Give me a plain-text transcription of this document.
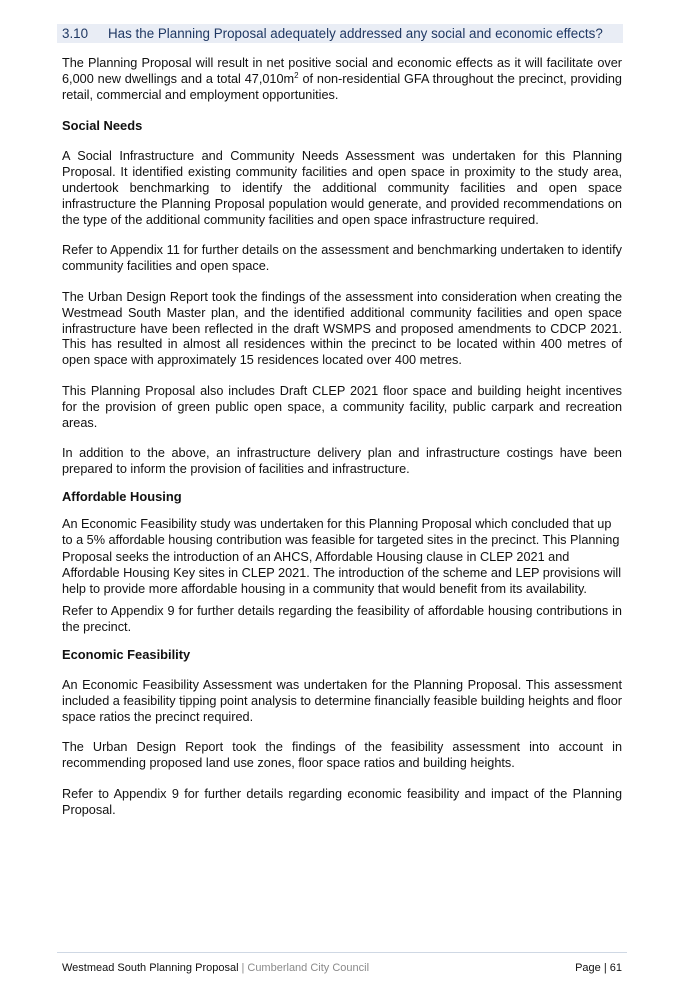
3.10 Has the Planning Proposal adequately addressed any social and economic effects?

The Planning Proposal will result in net positive social and economic effects as it will facilitate over 6,000 new dwellings and a total $47,010m^2$ of non-residential GFA throughout the precinct, providing retail, commercial and employment opportunities.

Social Needs

A Social Infrastructure and Community Needs Assessment was undertaken for this Planning Proposal. It identified existing community facilities and open space in proximity to the study area, undertook benchmarking to identify the additional community facilities and open space infrastructure the Planning Proposal population would generate, and provided recommendations on the type of the additional community facilities and open space infrastructure required.

Refer to Appendix 11 for further details on the assessment and benchmarking undertaken to identify community facilities and open space.

The Urban Design Report took the findings of the assessment into consideration when creating the Westmead South Master plan, and the identified additional community facilities and open space infrastructure have been reflected in the draft WSMPS and proposed amendments to CDCP 2021. This has resulted in almost all residences within the precinct to be located within 400 metres of open space with approximately 15 residences located over 400 metres.

This Planning Proposal also includes Draft CLEP 2021 floor space and building height incentives for the provision of green public open space, a community facility, public carpark and recreation areas.

In addition to the above, an infrastructure delivery plan and infrastructure costings have been prepared to inform the provision of facilities and infrastructure.

Affordable Housing

An Economic Feasibility study was undertaken for this Planning Proposal which concluded that up to a 5% affordable housing contribution was feasible for targeted sites in the precinct. This Planning Proposal seeks the introduction of an AHCS, Affordable Housing clause in CLEP 2021 and Affordable Housing Key sites in CLEP 2021. The introduction of the scheme and LEP provisions will help to provide more affordable housing in a community that would benefit from its availability.

Refer to Appendix 9 for further details regarding the feasibility of affordable housing contributions in the precinct.

Economic Feasibility

An Economic Feasibility Assessment was undertaken for the Planning Proposal. This assessment included a feasibility tipping point analysis to determine financially feasible building heights and floor space ratios the precinct required.

The Urban Design Report took the findings of the feasibility assessment into account in recommending proposed land use zones, floor space ratios and building heights.

Refer to Appendix 9 for further details regarding economic feasibility and impact of the Planning Proposal.

Westmead South Planning Proposal | Cumberland City Council	Page | 61
